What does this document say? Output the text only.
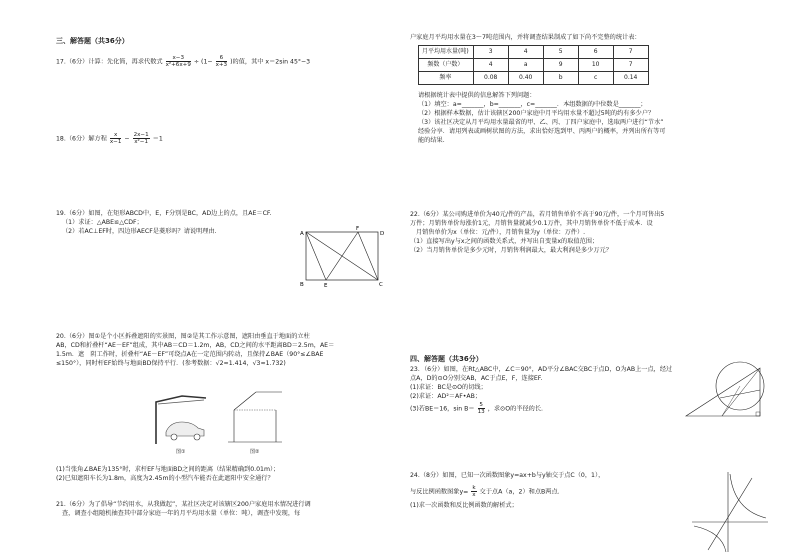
三、解答题（共36分）
17.（6分）计算：先化简，再求代数式 $\frac{x-3}{\text{x²+6x+9}} \div (1- \frac{6}{x+3}$ )的值，其中 x＝2sin 45°−3
18.（6分）解方程 $\frac{x}{x-1} - \frac{2x-1}{\text{x²−1}} =1$

19.（6分）如图，在矩形ABCD中，E，F分别是BC，AD边上的点，且AE＝CF.

（1）求证：△ABE≌△CDF；

（2）若AC⊥EF时，四边形AECF是菱形吗？请说明理由.	A
F
D
B	E	C

20.（6分）图①是个小区拆叠遮阳的实景图，图②是其工作示意图，遮阳由垂直于地面的立柱

AB，CD和折叠杆“AE－EF”组成，其中AB＝CD＝1.2m，AB，CD之间的水平距离BD＝2.5m，AE＝

1.5m．遮　阴工作时，折叠杆“AE－EF”可绕点A在一定范围内转动，且保持∠BAE（90°≤∠BAE

≤150°），同时杆EF始终与地面BD保持平行．(参考数据：√2≈1.414，√3≈1.732)

图①	图②

(1)当张角∠BAE为135°时，求杆EF与地面BD之间的距离（结果精确到0.01m）；

(2)已知遮阳车长为1.8m，高度为2.45m的小型汽车能否在此遮阳中安全通行？

21.（6分）为了倡导“节约用水，从我做起”，某社区决定对该辖区200户家庭用水情况进行调

查，调查小组随机抽查其中部分家庭一年的月平均用水量（单位：吨），调查中发现，每

户家庭月平均用水量在3～7吨范围内，并将调查结果制成了如下尚不完整的统计表：
月平均用水量(吨)	3	4	5	6	7
频数（户数）	4	a	9	10	7
频率	0.08	0.40	b	c	0.14

请根据统计表中提供的信息解答下列问题：

（1）填空：a=_______，b=_______，c=_______．本组数据的中位数是_______；

（2）根据样本数据，估计该辖区200户家庭中月平均用水量不超过5吨的约有多少户？

（3）该社区决定从月平均用水量最省的甲、乙、丙、丁四户家庭中，选取两户进行“节水”

经验分享．请用列表或画树状图的方法，求出恰好选到甲、丙两户的概率，并列出所有等可

能的结果.

22.（6分）某公司购进单价为40元/件的产品，若月销售单价不高于90元/件，一个月可售出5

万件；月销售单价每涨价1元，月销售量就减少0.1万件，其中月销售单价不低于成本．设

月销售单价为x（单位：元/件），月销售量为y（单位：万件）.

（1）直接写出y与x之间的函数关系式，并写出自变量x的取值范围；

（2）当月销售单价是多少元时，月销售利润最大，最大利润是多少万元？

四、解答题（共36分）

23．（6分）如图，在Rt△ABC中，∠C＝90°，AD平分∠BAC交BC于点D，O为AB上一点，经过

点A，D的⊙O分别交AB，AC于点E，F，连接EF.

(1)求证：BC是⊙O的切线；

(2)求证：AD²＝AF•AB；

(3)若BE＝16，$\sin B= \frac{5}{13}$ ，求⊙O的半径的长.

24.（8分）如图，已知一次函数图象y=ax+b与y轴交于点C（0，1），

与反比例函数图象$y= \frac{k}{x}$ 交于点A（a，2）和点B两点．

(1)求一次函数和反比例函数的解析式；
